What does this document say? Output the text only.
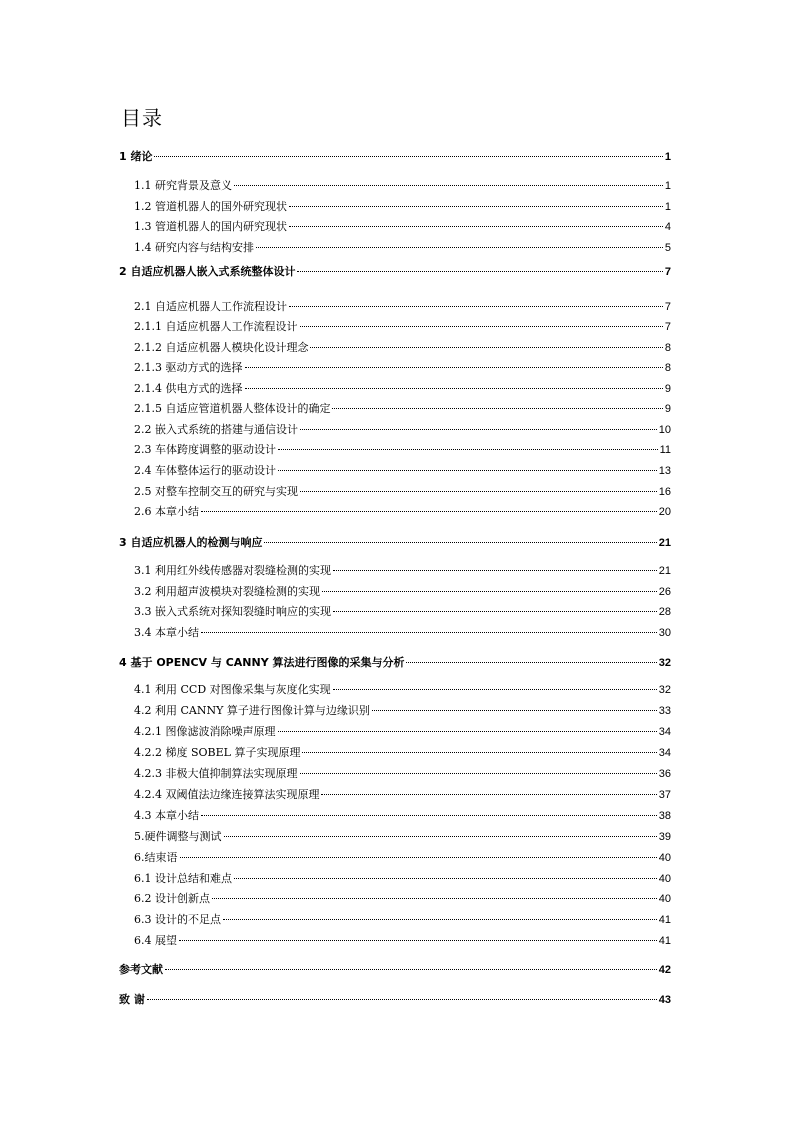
目录
1 绪论	1
1.1 研究背景及意义	1
1.2 管道机器人的国外研究现状	1
1.3 管道机器人的国内研究现状	4
1.4 研究内容与结构安排	5
2 自适应机器人嵌入式系统整体设计	7
2.1 自适应机器人工作流程设计	7
2.1.1 自适应机器人工作流程设计	7
2.1.2 自适应机器人模块化设计理念	8
2.1.3 驱动方式的选择	8
2.1.4 供电方式的选择	9
2.1.5 自适应管道机器人整体设计的确定	9
2.2 嵌入式系统的搭建与通信设计	10
2.3 车体跨度调整的驱动设计	11
2.4 车体整体运行的驱动设计	13
2.5 对整车控制交互的研究与实现	16
2.6 本章小结	20
3 自适应机器人的检测与响应	21
3.1 利用红外线传感器对裂缝检测的实现	21
3.2 利用超声波模块对裂缝检测的实现	26
3.3 嵌入式系统对探知裂缝时响应的实现	28
3.4 本章小结	30
4 基于 OPENCV 与 CANNY 算法进行图像的采集与分析	32
4.1 利用 CCD 对图像采集与灰度化实现	32
4.2 利用 CANNY 算子进行图像计算与边缘识别	33
4.2.1 图像滤波消除噪声原理	34
4.2.2 梯度 SOBEL 算子实现原理	34
4.2.3 非极大值抑制算法实现原理	36
4.2.4 双阈值法边缘连接算法实现原理	37
4.3 本章小结	38
5.硬件调整与测试	39
6.结束语	40
6.1 设计总结和难点	40
6.2 设计创新点	40
6.3 设计的不足点	41
6.4 展望	41
参考文献	42
致 谢	43
